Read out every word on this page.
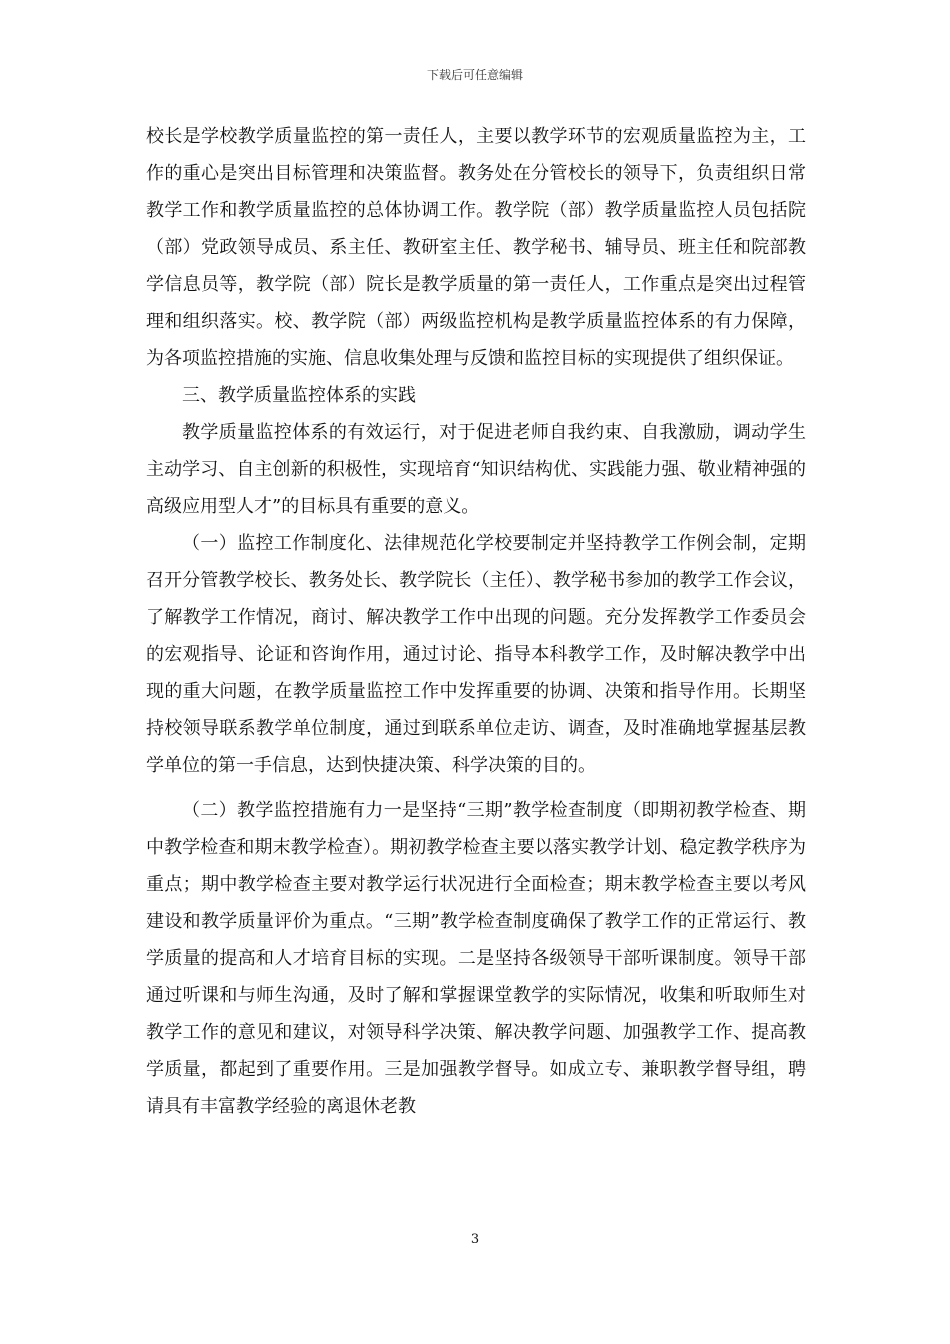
下载后可任意编辑

校长是学校教学质量监控的第一责任人，主要以教学环节的宏观质量监控为主，工作的重心是突出目标管理和决策监督。教务处在分管校长的领导下，负责组织日常教学工作和教学质量监控的总体协调工作。教学院（部）教学质量监控人员包括院（部）党政领导成员、系主任、教研室主任、教学秘书、辅导员、班主任和院部教学信息员等，教学院（部）院长是教学质量的第一责任人，工作重点是突出过程管理和组织落实。校、教学院（部）两级监控机构是教学质量监控体系的有力保障，为各项监控措施的实施、信息收集处理与反馈和监控目标的实现提供了组织保证。

三、教学质量监控体系的实践

教学质量监控体系的有效运行，对于促进老师自我约束、自我激励，调动学生主动学习、自主创新的积极性，实现培育“知识结构优、实践能力强、敬业精神强的高级应用型人才”的目标具有重要的意义。

（一）监控工作制度化、法律规范化学校要制定并坚持教学工作例会制，定期召开分管教学校长、教务处长、教学院长（主任）、教学秘书参加的教学工作会议，了解教学工作情况，商讨、解决教学工作中出现的问题。充分发挥教学工作委员会的宏观指导、论证和咨询作用，通过讨论、指导本科教学工作，及时解决教学中出现的重大问题，在教学质量监控工作中发挥重要的协调、决策和指导作用。长期坚持校领导联系教学单位制度，通过到联系单位走访、调查，及时准确地掌握基层教学单位的第一手信息，达到快捷决策、科学决策的目的。

（二）教学监控措施有力一是坚持“三期”教学检查制度（即期初教学检查、期中教学检查和期末教学检查）。期初教学检查主要以落实教学计划、稳定教学秩序为重点；期中教学检查主要对教学运行状况进行全面检查；期末教学检查主要以考风建设和教学质量评价为重点。“三期”教学检查制度确保了教学工作的正常运行、教学质量的提高和人才培育目标的实现。二是坚持各级领导干部听课制度。领导干部通过听课和与师生沟通，及时了解和掌握课堂教学的实际情况，收集和听取师生对教学工作的意见和建议，对领导科学决策、解决教学问题、加强教学工作、提高教学质量，都起到了重要作用。三是加强教学督导。如成立专、兼职教学督导组，聘请具有丰富教学经验的离退休老教

3
